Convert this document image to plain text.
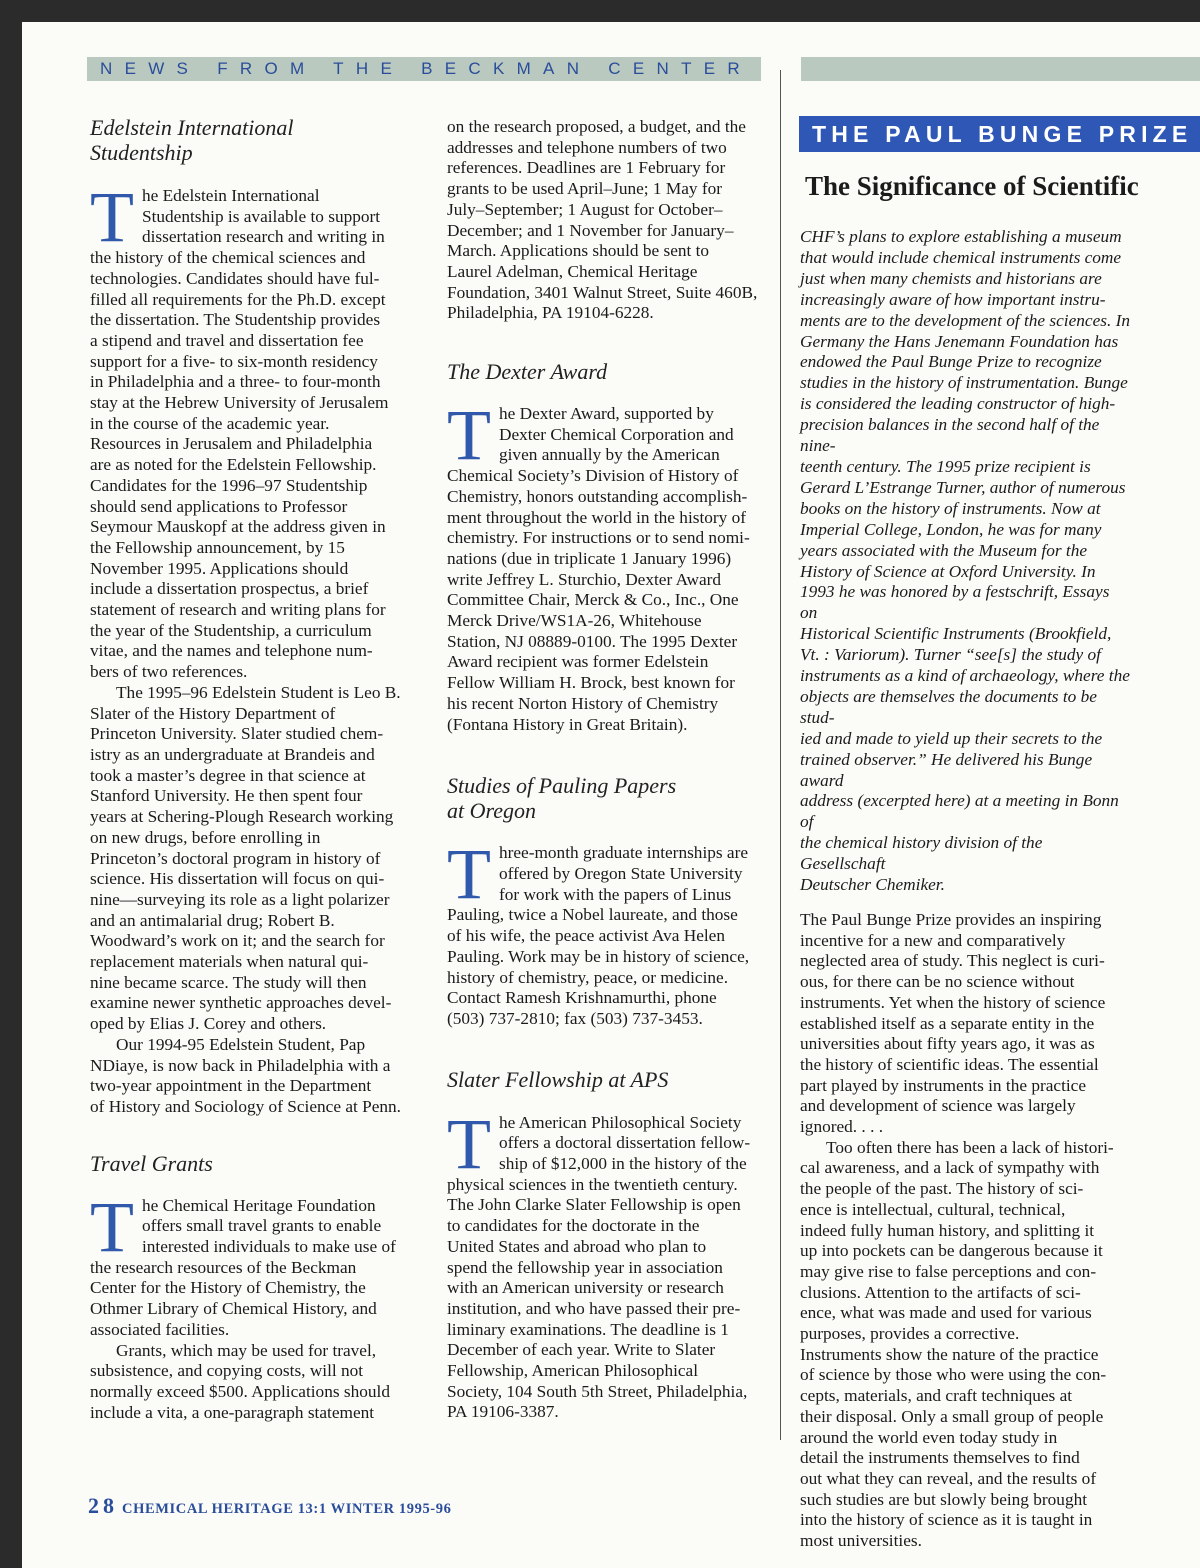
NEWS FROM THE BECKMAN CENTER
Edelstein International
Studentship

T he Edelstein International
Studentship is available to support
dissertation research and writing in
the history of the chemical sciences and
technologies. Candidates should have ful-
filled all requirements for the Ph.D. except
the dissertation. The Studentship provides
a stipend and travel and dissertation fee
support for a five- to six-month residency
in Philadelphia and a three- to four-month
stay at the Hebrew University of Jerusalem
in the course of the academic year.
Resources in Jerusalem and Philadelphia
are as noted for the Edelstein Fellowship.
Candidates for the 1996–97 Studentship
should send applications to Professor
Seymour Mauskopf at the address given in
the Fellowship announcement, by 15
November 1995. Applications should
include a dissertation prospectus, a brief
statement of research and writing plans for
the year of the Studentship, a curriculum
vitae, and the names and telephone num-
bers of two references.

The 1995–96 Edelstein Student is Leo B.
Slater of the History Department of
Princeton University. Slater studied chem-
istry as an undergraduate at Brandeis and
took a master’s degree in that science at
Stanford University. He then spent four
years at Schering-Plough Research working
on new drugs, before enrolling in
Princeton’s doctoral program in history of
science. His dissertation will focus on qui-
nine—surveying its role as a light polarizer
and an antimalarial drug; Robert B.
Woodward’s work on it; and the search for
replacement materials when natural qui-
nine became scarce. The study will then
examine newer synthetic approaches devel-
oped by Elias J. Corey and others.

Our 1994-95 Edelstein Student, Pap
NDiaye, is now back in Philadelphia with a
two-year appointment in the Department
of History and Sociology of Science at Penn.

Travel Grants

T he Chemical Heritage Foundation
offers small travel grants to enable
interested individuals to make use of
the research resources of the Beckman
Center for the History of Chemistry, the
Othmer Library of Chemical History, and
associated facilities.

Grants, which may be used for travel,
subsistence, and copying costs, will not
normally exceed $500. Applications should
include a vita, a one-paragraph statement

on the research proposed, a budget, and the
addresses and telephone numbers of two
references. Deadlines are 1 February for
grants to be used April–June; 1 May for
July–September; 1 August for October–
December; and 1 November for January–
March. Applications should be sent to
Laurel Adelman, Chemical Heritage
Foundation, 3401 Walnut Street, Suite 460B,
Philadelphia, PA 19104-6228.

The Dexter Award

T he Dexter Award, supported by
Dexter Chemical Corporation and
given annually by the American
Chemical Society’s Division of History of
Chemistry, honors outstanding accomplish-
ment throughout the world in the history of
chemistry. For instructions or to send nomi-
nations (due in triplicate 1 January 1996)
write Jeffrey L. Sturchio, Dexter Award
Committee Chair, Merck & Co., Inc., One
Merck Drive/WS1A-26, Whitehouse
Station, NJ 08889-0100. The 1995 Dexter
Award recipient was former Edelstein
Fellow William H. Brock, best known for
his recent Norton History of Chemistry
(Fontana History in Great Britain).

Studies of Pauling Papers
at Oregon

T hree-month graduate internships are
offered by Oregon State University
for work with the papers of Linus
Pauling, twice a Nobel laureate, and those
of his wife, the peace activist Ava Helen
Pauling. Work may be in history of science,
history of chemistry, peace, or medicine.
Contact Ramesh Krishnamurthi, phone
(503) 737-2810; fax (503) 737-3453.

Slater Fellowship at APS

T he American Philosophical Society
offers a doctoral dissertation fellow-
ship of $12,000 in the history of the
physical sciences in the twentieth century.
The John Clarke Slater Fellowship is open
to candidates for the doctorate in the
United States and abroad who plan to
spend the fellowship year in association
with an American university or research
institution, and who have passed their pre-
liminary examinations. The deadline is 1
December of each year. Write to Slater
Fellowship, American Philosophical
Society, 104 South 5th Street, Philadelphia,
PA 19106-3387.

THE PAUL BUNGE PRIZE
The Significance of Scientific

CHF’s plans to explore establishing a museum
that would include chemical instruments come
just when many chemists and historians are
increasingly aware of how important instru-
ments are to the development of the sciences. In
Germany the Hans Jenemann Foundation has
endowed the Paul Bunge Prize to recognize
studies in the history of instrumentation. Bunge
is considered the leading constructor of high-
precision balances in the second half of the nine-
teenth century. The 1995 prize recipient is
Gerard L’Estrange Turner, author of numerous
books on the history of instruments. Now at
Imperial College, London, he was for many
years associated with the Museum for the
History of Science at Oxford University. In
1993 he was honored by a festschrift, Essays on
Historical Scientific Instruments (Brookfield,
Vt. : Variorum). Turner “see[s] the study of
instruments as a kind of archaeology, where the
objects are themselves the documents to be stud-
ied and made to yield up their secrets to the
trained observer.” He delivered his Bunge award
address (excerpted here) at a meeting in Bonn of
the chemical history division of the Gesellschaft
Deutscher Chemiker.

The Paul Bunge Prize provides an inspiring
incentive for a new and comparatively
neglected area of study. This neglect is curi-
ous, for there can be no science without
instruments. Yet when the history of science
established itself as a separate entity in the
universities about fifty years ago, it was as
the history of scientific ideas. The essential
part played by instruments in the practice
and development of science was largely
ignored. . . .

Too often there has been a lack of histori-
cal awareness, and a lack of sympathy with
the people of the past. The history of sci-
ence is intellectual, cultural, technical,
indeed fully human history, and splitting it
up into pockets can be dangerous because it
may give rise to false perceptions and con-
clusions. Attention to the artifacts of sci-
ence, what was made and used for various
purposes, provides a corrective.
Instruments show the nature of the practice
of science by those who were using the con-
cepts, materials, and craft techniques at
their disposal. Only a small group of people
around the world even today study in
detail the instruments themselves to find
out what they can reveal, and the results of
such studies are but slowly being brought
into the history of science as it is taught in
most universities.

28 CHEMICAL HERITAGE 13:1 WINTER 1995-96
